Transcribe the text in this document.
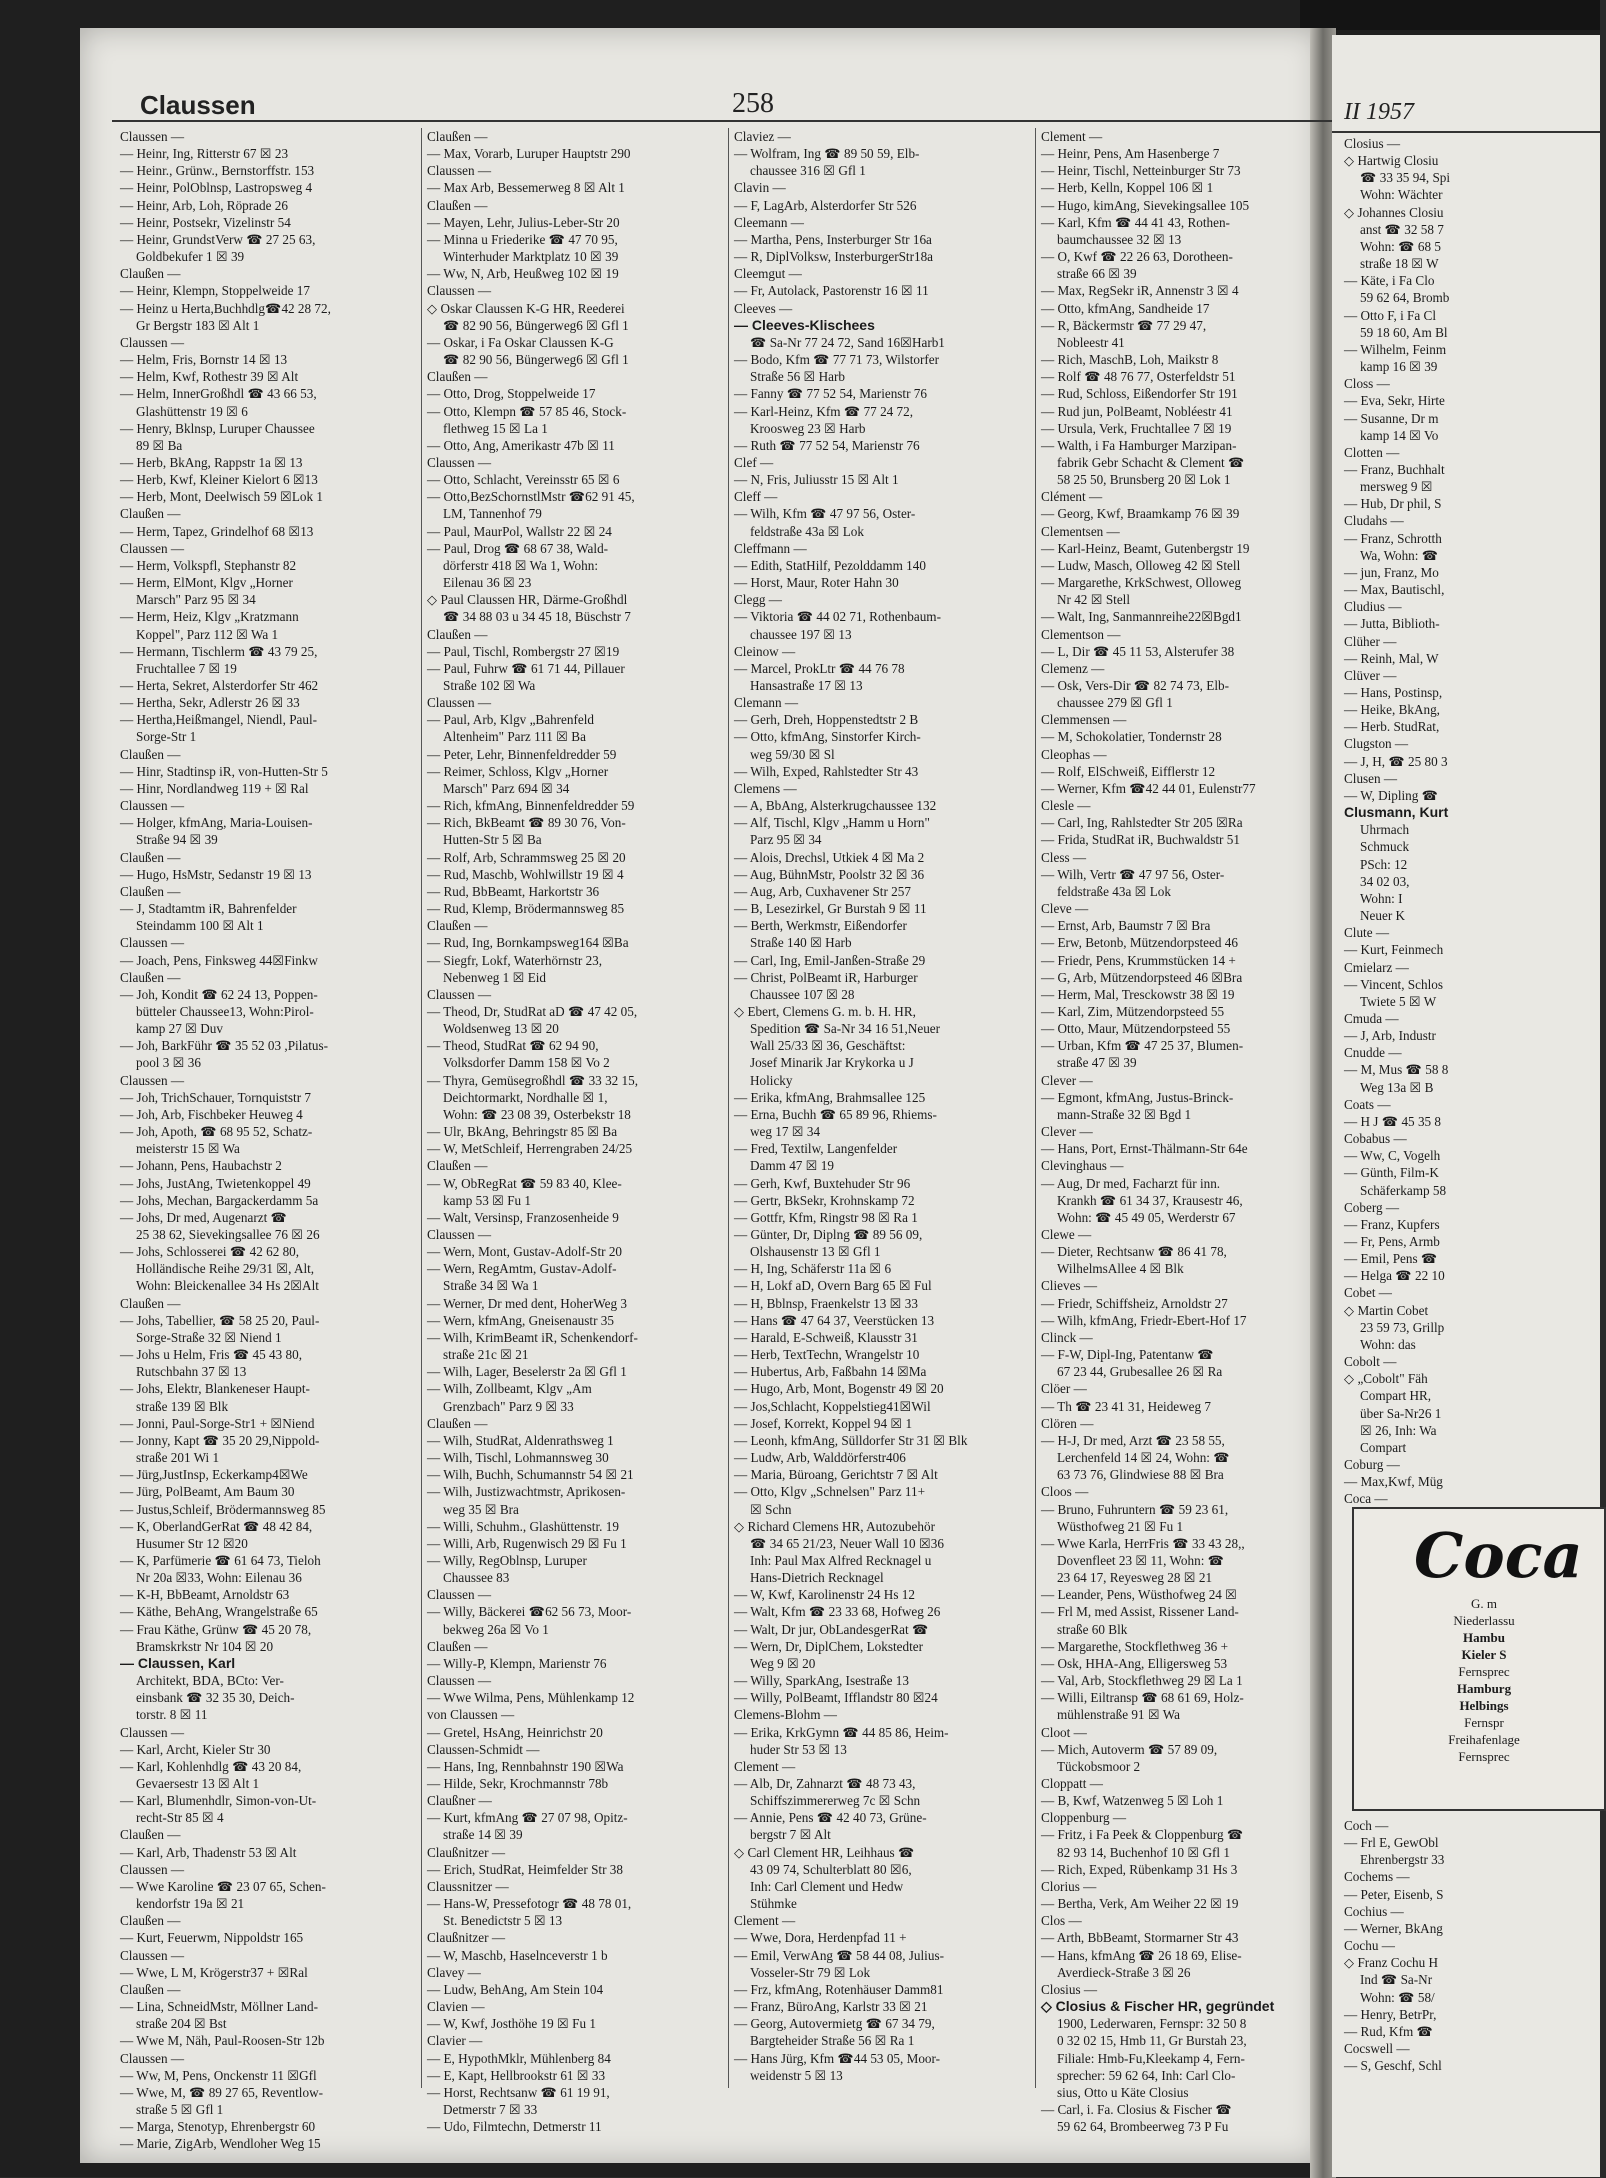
Claussen	258
Claussen —
— Heinr, Ing, Ritterstr 67 ☒ 23
— Heinr., Grünw., Bernstorffstr. 153
— Heinr, PolOblnsp, Lastropsweg 4
— Heinr, Arb, Loh, Röprade 26
— Heinr, Postsekr, Vizelinstr 54
— Heinr, GrundstVerw ☎ 27 25 63,
Goldbekufer 1 ☒ 39
Claußen —
— Heinr, Klempn, Stoppelweide 17
— Heinz u Herta,Buchhdlg☎42 28 72,
Gr Bergstr 183 ☒ Alt 1
Claussen —
— Helm, Fris, Bornstr 14 ☒ 13
— Helm, Kwf, Rothestr 39 ☒ Alt
— Helm, InnerGroßhdl ☎ 43 66 53,
Glashüttenstr 19 ☒ 6
— Henry, Bklnsp, Luruper Chaussee
89 ☒ Ba
— Herb, BkAng, Rappstr 1a ☒ 13
— Herb, Kwf, Kleiner Kielort 6 ☒13
— Herb, Mont, Deelwisch 59 ☒Lok 1
Claußen —
— Herm, Tapez, Grindelhof 68 ☒13
Claussen —
— Herm, Volkspfl, Stephanstr 82
— Herm, ElMont, Klgv „Horner
Marsch" Parz 95 ☒ 34
— Herm, Heiz, Klgv „Kratzmann
Koppel", Parz 112 ☒ Wa 1
— Hermann, Tischlerm ☎ 43 79 25,
Fruchtallee 7 ☒ 19
— Herta, Sekret, Alsterdorfer Str 462
— Hertha, Sekr, Adlerstr 26 ☒ 33
— Hertha,Heißmangel, Niendl, Paul-
Sorge-Str 1
Claußen —
— Hinr, Stadtinsp iR, von-Hutten-Str 5
— Hinr, Nordlandweg 119 + ☒ Ral
Claussen —
— Holger, kfmAng, Maria-Louisen-
Straße 94 ☒ 39
Claußen —
— Hugo, HsMstr, Sedanstr 19 ☒ 13
Claußen —
— J, Stadtamtm iR, Bahrenfelder
Steindamm 100 ☒ Alt 1
Claussen —
— Joach, Pens, Finksweg 44☒Finkw
Claußen —
— Joh, Kondit ☎ 62 24 13, Poppen-
bütteler Chaussee13, Wohn:Pirol-
kamp 27 ☒ Duv
— Joh, BarkFühr ☎ 35 52 03 ,Pilatus-
pool 3 ☒ 36
Claussen —
— Joh, TrichSchauer, Tornquiststr 7
— Joh, Arb, Fischbeker Heuweg 4
— Joh, Apoth, ☎ 68 95 52, Schatz-
meisterstr 15 ☒ Wa
— Johann, Pens, Haubachstr 2
— Johs, JustAng, Twietenkoppel 49
— Johs, Mechan, Bargackerdamm 5a
— Johs, Dr med, Augenarzt ☎
25 38 62, Sievekingsallee 76 ☒ 26
— Johs, Schlosserei ☎ 42 62 80,
Holländische Reihe 29/31 ☒, Alt,
Wohn: Bleickenallee 34 Hs 2☒Alt
Claußen —
— Johs, Tabellier, ☎ 58 25 20, Paul-
Sorge-Straße 32 ☒ Niend 1
— Johs u Helm, Fris ☎ 45 43 80,
Rutschbahn 37 ☒ 13
— Johs, Elektr, Blankeneser Haupt-
straße 139 ☒ Blk
— Jonni, Paul-Sorge-Str1 + ☒Niend
— Jonny, Kapt ☎ 35 20 29,Nippold-
straße 201 Wi 1
— Jürg,JustInsp, Eckerkamp4☒We
— Jürg, PolBeamt, Am Baum 30
— Justus,Schleif, Brödermannsweg 85
— K, OberlandGerRat ☎ 48 42 84,
Husumer Str 12 ☒20
— K, Parfümerie ☎ 61 64 73, Tieloh
Nr 20a ☒33, Wohn: Eilenau 36
— K-H, BbBeamt, Arnoldstr 63
— Käthe, BehAng, Wrangelstraße 65
— Frau Käthe, Grünw ☎ 45 20 78,
Bramskrkstr Nr 104 ☒ 20
— Claussen, Karl
Architekt, BDA, BCto: Ver-
einsbank ☎ 32 35 30, Deich-
torstr. 8 ☒ 11
Claussen —
— Karl, Archt, Kieler Str 30
— Karl, Kohlenhdlg ☎ 43 20 84,
Gevaersestr 13 ☒ Alt 1
— Karl, Blumenhdlr, Simon-von-Ut-
recht-Str 85 ☒ 4
Claußen —
— Karl, Arb, Thadenstr 53 ☒ Alt
Claussen —
— Wwe Karoline ☎ 23 07 65, Schen-
kendorfstr 19a ☒ 21
Claußen —
— Kurt, Feuerwm, Nippoldstr 165
Claussen —
— Wwe, L M, Krögerstr37 + ☒Ral
Claußen —
— Lina, SchneidMstr, Möllner Land-
straße 204 ☒ Bst
— Wwe M, Näh, Paul-Roosen-Str 12b
Claussen —
— Ww, M, Pens, Onckenstr 11 ☒Gfl
— Wwe, M, ☎ 89 27 65, Reventlow-
straße 5 ☒ Gfl 1
— Marga, Stenotyp, Ehrenbergstr 60
— Marie, ZigArb, Wendloher Weg 15
Claußen —
— Max, Vorarb, Luruper Hauptstr 290
Claussen —
— Max Arb, Bessemerweg 8 ☒ Alt 1
Claußen —
— Mayen, Lehr, Julius-Leber-Str 20
— Minna u Friederike ☎ 47 70 95,
Winterhuder Marktplatz 10 ☒ 39
— Ww, N, Arb, Heußweg 102 ☒ 19
Claussen —
◇ Oskar Claussen K-G HR, Reederei
☎ 82 90 56, Büngerweg6 ☒ Gfl 1
— Oskar, i Fa Oskar Claussen K-G
☎ 82 90 56, Büngerweg6 ☒ Gfl 1
Claußen —
— Otto, Drog, Stoppelweide 17
— Otto, Klempn ☎ 57 85 46, Stock-
flethweg 15 ☒ La 1
— Otto, Ang, Amerikastr 47b ☒ 11
Claussen —
— Otto, Schlacht, Vereinsstr 65 ☒ 6
— Otto,BezSchornstlMstr ☎62 91 45,
LM, Tannenhof 79
— Paul, MaurPol, Wallstr 22 ☒ 24
— Paul, Drog ☎ 68 67 38, Wald-
dörferstr 418 ☒ Wa 1, Wohn:
Eilenau 36 ☒ 23
◇ Paul Claussen HR, Därme-Großhdl
☎ 34 88 03 u 34 45 18, Büschstr 7
Claußen —
— Paul, Tischl, Rombergstr 27 ☒19
— Paul, Fuhrw ☎ 61 71 44, Pillauer
Straße 102 ☒ Wa
Claussen —
— Paul, Arb, Klgv „Bahrenfeld
Altenheim" Parz 111 ☒ Ba
— Peter, Lehr, Binnenfeldredder 59
— Reimer, Schloss, Klgv „Horner
Marsch" Parz 694 ☒ 34
— Rich, kfmAng, Binnenfeldredder 59
— Rich, BkBeamt ☎ 89 30 76, Von-
Hutten-Str 5 ☒ Ba
— Rolf, Arb, Schrammsweg 25 ☒ 20
— Rud, Maschb, Wohlwillstr 19 ☒ 4
— Rud, BbBeamt, Harkortstr 36
— Rud, Klemp, Brödermannsweg 85
Claußen —
— Rud, Ing, Bornkampsweg164 ☒Ba
— Siegfr, Lokf, Waterhörnstr 23,
Nebenweg 1 ☒ Eid
Claussen —
— Theod, Dr, StudRat aD ☎ 47 42 05,
Woldsenweg 13 ☒ 20
— Theod, StudRat ☎ 62 94 90,
Volksdorfer Damm 158 ☒ Vo 2
— Thyra, Gemüsegroßhdl ☎ 33 32 15,
Deichtormarkt, Nordhalle ☒ 1,
Wohn: ☎ 23 08 39, Osterbekstr 18
— Ulr, BkAng, Behringstr 85 ☒ Ba
— W, MetSchleif, Herrengraben 24/25
Claußen —
— W, ObRegRat ☎ 59 83 40, Klee-
kamp 53 ☒ Fu 1
— Walt, Versinsp, Franzosenheide 9
Claussen —
— Wern, Mont, Gustav-Adolf-Str 20
— Wern, RegAmtm, Gustav-Adolf-
Straße 34 ☒ Wa 1
— Werner, Dr med dent, HoherWeg 3
— Wern, kfmAng, Gneisenaustr 35
— Wilh, KrimBeamt iR, Schenkendorf-
straße 21c ☒ 21
— Wilh, Lager, Beselerstr 2a ☒ Gfl 1
— Wilh, Zollbeamt, Klgv „Am
Grenzbach" Parz 9 ☒ 33
Claußen —
— Wilh, StudRat, Aldenrathsweg 1
— Wilh, Tischl, Lohmannsweg 30
— Wilh, Buchh, Schumannstr 54 ☒ 21
— Wilh, Justizwachtmstr, Aprikosen-
weg 35 ☒ Bra
— Willi, Schuhm., Glashüttenstr. 19
— Willi, Arb, Rugenwisch 29 ☒ Fu 1
— Willy, RegOblnsp, Luruper
Chaussee 83
Claussen —
— Willy, Bäckerei ☎62 56 73, Moor-
bekweg 26a ☒ Vo 1
Claußen —
— Willy-P, Klempn, Marienstr 76
Claussen —
— Wwe Wilma, Pens, Mühlenkamp 12
von Claussen —
— Gretel, HsAng, Heinrichstr 20
Claussen-Schmidt —
— Hans, Ing, Rennbahnstr 190 ☒Wa
— Hilde, Sekr, Krochmannstr 78b
Claußner —
— Kurt, kfmAng ☎ 27 07 98, Opitz-
straße 14 ☒ 39
Claußnitzer —
— Erich, StudRat, Heimfelder Str 38
Claussnitzer —
— Hans-W, Pressefotogr ☎ 48 78 01,
St. Benedictstr 5 ☒ 13
Claußnitzer —
— W, Maschb, Haselnceverstr 1 b
Clavey —
— Ludw, BehAng, Am Stein 104
Clavien —
— W, Kwf, Josthöhe 19 ☒ Fu 1
Clavier —
— E, HypothMklr, Mühlenberg 84
— E, Kapt, Hellbrookstr 61 ☒ 33
— Horst, Rechtsanw ☎ 61 19 91,
Detmerstr 7 ☒ 33
— Udo, Filmtechn, Detmerstr 11
Claviez —
— Wolfram, Ing ☎ 89 50 59, Elb-
chaussee 316 ☒ Gfl 1
Clavin —
— F, LagArb, Alsterdorfer Str 526
Cleemann —
— Martha, Pens, Insterburger Str 16a
— R, DiplVolksw, InsterburgerStr18a
Cleemgut —
— Fr, Autolack, Pastorenstr 16 ☒ 11
Cleeves —
— Cleeves-Klischees
☎ Sa-Nr 77 24 72, Sand 16☒Harb1
— Bodo, Kfm ☎ 77 71 73, Wilstorfer
Straße 56 ☒ Harb
— Fanny ☎ 77 52 54, Marienstr 76
— Karl-Heinz, Kfm ☎ 77 24 72,
Kroosweg 23 ☒ Harb
— Ruth ☎ 77 52 54, Marienstr 76
Clef —
— N, Fris, Juliusstr 15 ☒ Alt 1
Cleff —
— Wilh, Kfm ☎ 47 97 56, Oster-
feldstraße 43a ☒ Lok
Cleffmann —
— Edith, StatHilf, Pezolddamm 140
— Horst, Maur, Roter Hahn 30
Clegg —
— Viktoria ☎ 44 02 71, Rothenbaum-
chaussee 197 ☒ 13
Cleinow —
— Marcel, ProkLtr ☎ 44 76 78
Hansastraße 17 ☒ 13
Clemann —
— Gerh, Dreh, Hoppenstedtstr 2 B
— Otto, kfmAng, Sinstorfer Kirch-
weg 59/30 ☒ Sl
— Wilh, Exped, Rahlstedter Str 43
Clemens —
— A, BbAng, Alsterkrugchaussee 132
— Alf, Tischl, Klgv „Hamm u Horn"
Parz 95 ☒ 34
— Alois, Drechsl, Utkiek 4 ☒ Ma 2
— Aug, BühnMstr, Poolstr 32 ☒ 36
— Aug, Arb, Cuxhavener Str 257
— B, Lesezirkel, Gr Burstah 9 ☒ 11
— Berth, Werkmstr, Eißendorfer
Straße 140 ☒ Harb
— Carl, Ing, Emil-Janßen-Straße 29
— Christ, PolBeamt iR, Harburger
Chaussee 107 ☒ 28
◇ Ebert, Clemens G. m. b. H. HR,
Spedition ☎ Sa-Nr 34 16 51,Neuer
Wall 25/33 ☒ 36, Geschäftst:
Josef Minarik Jar Krykorka u J
Holicky
— Erika, kfmAng, Brahmsallee 125
— Erna, Buchh ☎ 65 89 96, Rhiems-
weg 17 ☒ 34
— Fred, Textilw, Langenfelder
Damm 47 ☒ 19
— Gerh, Kwf, Buxtehuder Str 96
— Gertr, BkSekr, Krohnskamp 72
— Gottfr, Kfm, Ringstr 98 ☒ Ra 1
— Günter, Dr, Diplng ☎ 89 56 09,
Olshausenstr 13 ☒ Gfl 1
— H, Ing, Schäferstr 11a ☒ 6
— H, Lokf aD, Overn Barg 65 ☒ Ful
— H, Bblnsp, Fraenkelstr 13 ☒ 33
— Hans ☎ 47 64 37, Veerstücken 13
— Harald, E-Schweiß, Klausstr 31
— Herb, TextTechn, Wrangelstr 10
— Hubertus, Arb, Faßbahn 14 ☒Ma
— Hugo, Arb, Mont, Bogenstr 49 ☒ 20
— Jos,Schlacht, Koppelstieg41☒Wil
— Josef, Korrekt, Koppel 94 ☒ 1
— Leonh, kfmAng, Sülldorfer Str 31 ☒ Blk
— Ludw, Arb, Walddörferstr406
— Maria, Büroang, Gerichtstr 7 ☒ Alt
— Otto, Klgv „Schnelsen" Parz 11+
☒ Schn
◇ Richard Clemens HR, Autozubehör
☎ 34 65 21/23, Neuer Wall 10 ☒36
Inh: Paul Max Alfred Recknagel u
Hans-Dietrich Recknagel
— W, Kwf, Karolinenstr 24 Hs 12
— Walt, Kfm ☎ 23 33 68, Hofweg 26
— Walt, Dr jur, ObLandesgerRat ☎
— Wern, Dr, DiplChem, Lokstedter
Weg 9 ☒ 20
— Willy, SparkAng, Isestraße 13
— Willy, PolBeamt, Ifflandstr 80 ☒24
Clemens-Blohm —
— Erika, KrkGymn ☎ 44 85 86, Heim-
huder Str 53 ☒ 13
Clement —
— Alb, Dr, Zahnarzt ☎ 48 73 43,
Schiffszimmererweg 7c ☒ Schn
— Annie, Pens ☎ 42 40 73, Grüne-
bergstr 7 ☒ Alt
◇ Carl Clement HR, Leihhaus ☎
43 09 74, Schulterblatt 80 ☒6,
Inh: Carl Clement und Hedw
Stühmke
Clement —
— Wwe, Dora, Herdenpfad 11 +
— Emil, VerwAng ☎ 58 44 08, Julius-
Vosseler-Str 79 ☒ Lok
— Frz, kfmAng, Rotenhäuser Damm81
— Franz, BüroAng, Karlstr 33 ☒ 21
— Georg, Autovermietg ☎ 67 34 79,
Bargteheider Straße 56 ☒ Ra 1
— Hans Jürg, Kfm ☎44 53 05, Moor-
weidenstr 5 ☒ 13
Clement —
— Heinr, Pens, Am Hasenberge 7
— Heinr, Tischl, Netteinburger Str 73
— Herb, Kelln, Koppel 106 ☒ 1
— Hugo, kimAng, Sievekingsallee 105
— Karl, Kfm ☎ 44 41 43, Rothen-
baumchaussee 32 ☒ 13
— O, Kwf ☎ 22 26 63, Dorotheen-
straße 66 ☒ 39
— Max, RegSekr iR, Annenstr 3 ☒ 4
— Otto, kfmAng, Sandheide 17
— R, Bäckermstr ☎ 77 29 47,
Nobleestr 41
— Rich, MaschB, Loh, Maikstr 8
— Rolf ☎ 48 76 77, Osterfeldstr 51
— Rud, Schloss, Eißendorfer Str 191
— Rud jun, PolBeamt, Nobléestr 41
— Ursula, Verk, Fruchtallee 7 ☒ 19
— Walth, i Fa Hamburger Marzipan-
fabrik Gebr Schacht & Clement ☎
58 25 50, Brunsberg 20 ☒ Lok 1
Clément —
— Georg, Kwf, Braamkamp 76 ☒ 39
Clementsen —
— Karl-Heinz, Beamt, Gutenbergstr 19
— Ludw, Masch, Olloweg 42 ☒ Stell
— Margarethe, KrkSchwest, Olloweg
Nr 42 ☒ Stell
— Walt, Ing, Sanmannreihe22☒Bgd1
Clementson —
— L, Dir ☎ 45 11 53, Alsterufer 38
Clemenz —
— Osk, Vers-Dir ☎ 82 74 73, Elb-
chaussee 279 ☒ Gfl 1
Clemmensen —
— M, Schokolatier, Tondernstr 28
Cleophas —
— Rolf, ElSchweiß, Eifflerstr 12
— Werner, Kfm ☎42 44 01, Eulenstr77
Clesle —
— Carl, Ing, Rahlstedter Str 205 ☒Ra
— Frida, StudRat iR, Buchwaldstr 51
Cless —
— Wilh, Vertr ☎ 47 97 56, Oster-
feldstraße 43a ☒ Lok
Cleve —
— Ernst, Arb, Baumstr 7 ☒ Bra
— Erw, Betonb, Mützendorpsteed 46
— Friedr, Pens, Krummstücken 14 +
— G, Arb, Mützendorpsteed 46 ☒Bra
— Herm, Mal, Tresckowstr 38 ☒ 19
— Karl, Zim, Mützendorpsteed 55
— Otto, Maur, Mützendorpsteed 55
— Urban, Kfm ☎ 47 25 37, Blumen-
straße 47 ☒ 39
Clever —
— Egmont, kfmAng, Justus-Brinck-
mann-Straße 32 ☒ Bgd 1
Clever —
— Hans, Port, Ernst-Thälmann-Str 64e
Clevinghaus —
— Aug, Dr med, Facharzt für inn.
Krankh ☎ 61 34 37, Krausestr 46,
Wohn: ☎ 45 49 05, Werderstr 67
Clewe —
— Dieter, Rechtsanw ☎ 86 41 78,
WilhelmsAllee 4 ☒ Blk
Clieves —
— Friedr, Schiffsheiz, Arnoldstr 27
— Wilh, kfmAng, Friedr-Ebert-Hof 17
Clinck —
— F-W, Dipl-Ing, Patentanw ☎
67 23 44, Grubesallee 26 ☒ Ra
Clöer —
— Th ☎ 23 41 31, Heideweg 7
Clören —
— H-J, Dr med, Arzt ☎ 23 58 55,
Lerchenfeld 14 ☒ 24, Wohn: ☎
63 73 76, Glindwiese 88 ☒ Bra
Cloos —
— Bruno, Fuhruntern ☎ 59 23 61,
Wüsthofweg 21 ☒ Fu 1
— Wwe Karla, HerrFris ☎ 33 43 28,,
Dovenfleet 23 ☒ 11, Wohn: ☎
23 64 17, Reyesweg 28 ☒ 21
— Leander, Pens, Wüsthofweg 24 ☒
— Frl M, med Assist, Rissener Land-
straße 60 Blk
— Margarethe, Stockflethweg 36 +
— Osk, HHA-Ang, Elligersweg 53
— Val, Arb, Stockflethweg 29 ☒ La 1
— Willi, Eiltransp ☎ 68 61 69, Holz-
mühlenstraße 91 ☒ Wa
Cloot —
— Mich, Autoverm ☎ 57 89 09,
Tückobsmoor 2
Cloppatt —
— B, Kwf, Watzenweg 5 ☒ Loh 1
Cloppenburg —
— Fritz, i Fa Peek & Cloppenburg ☎
82 93 14, Buchenhof 10 ☒ Gfl 1
— Rich, Exped, Rübenkamp 31 Hs 3
Clorius —
— Bertha, Verk, Am Weiher 22 ☒ 19
Clos —
— Arth, BbBeamt, Stormarner Str 43
— Hans, kfmAng ☎ 26 18 69, Elise-
Averdieck-Straße 3 ☒ 26
Closius —
◇ Closius & Fischer HR, gegründet
1900, Lederwaren, Fernspr: 32 50 8
0 32 02 15, Hmb 11, Gr Burstah 23,
Filiale: Hmb-Fu,Kleekamp 4, Fern-
sprecher: 59 62 64, Inh: Carl Clo-
sius, Otto u Käte Closius
— Carl, i. Fa. Closius & Fischer ☎
59 62 64, Brombeerweg 73 P Fu
II 1957
Closius —
◇ Hartwig Closiu
☎ 33 35 94, Spi
Wohn: Wächter
◇ Johannes Closiu
anst ☎ 32 58 7
Wohn: ☎ 68 5
straße 18 ☒ W
— Käte, i Fa Clo
59 62 64, Bromb
— Otto F, i Fa Cl
59 18 60, Am Bl
— Wilhelm, Feinm
kamp 16 ☒ 39
Closs —
— Eva, Sekr, Hirte
— Susanne, Dr m
kamp 14 ☒ Vo
Clotten —
— Franz, Buchhalt
mersweg 9 ☒
— Hub, Dr phil, S
Cludahs —
— Franz, Schrotth
Wa, Wohn: ☎
— jun, Franz, Mo
— Max, Bautischl,
Cludius —
— Jutta, Biblioth-
Clüher —
— Reinh, Mal, W
Clüver —
— Hans, Postinsp,
— Heike, BkAng,
— Herb. StudRat,
Clugston —
— J, H, ☎ 25 80 3
Clusen —
— W, Dipling ☎
Clusmann, Kurt
Uhrmach
Schmuck
PSch: 12
34 02 03,
Wohn: I
Neuer K
Clute —
— Kurt, Feinmech
Cmielarz —
— Vincent, Schlos
Twiete 5 ☒ W
Cmuda —
— J, Arb, Industr
Cnudde —
— M, Mus ☎ 58 8
Weg 13a ☒ B
Coats —
— H J ☎ 45 35 8
Cobabus —
— Ww, C, Vogelh
— Günth, Film-K
Schäferkamp 58
Coberg —
— Franz, Kupfers
— Fr, Pens, Armb
— Emil, Pens ☎
— Helga ☎ 22 10
Cobet —
◇ Martin Cobet
23 59 73, Grillp
Wohn: das
Cobolt —
◇ „Cobolt" Fäh
Compart HR,
über Sa-Nr26 1
☒ 26, Inh: Wa
Compart
Coburg —
— Max,Kwf, Müg
Coca —
Coca
G. m
Niederlassu
Hambu
Kieler S
Fernsprec
Hamburg
Helbings
Fernspr
Freihafenlage
Fernsprec
Coch —
— Frl E, GewObl
Ehrenbergstr 33
Cochems —
— Peter, Eisenb, S
Cochius —
— Werner, BkAng
Cochu —
◇ Franz Cochu H
Ind ☎ Sa-Nr
Wohn: ☎ 58/
— Henry, BetrPr,
— Rud, Kfm ☎
Cocswell —
— S, Geschf, Schl
